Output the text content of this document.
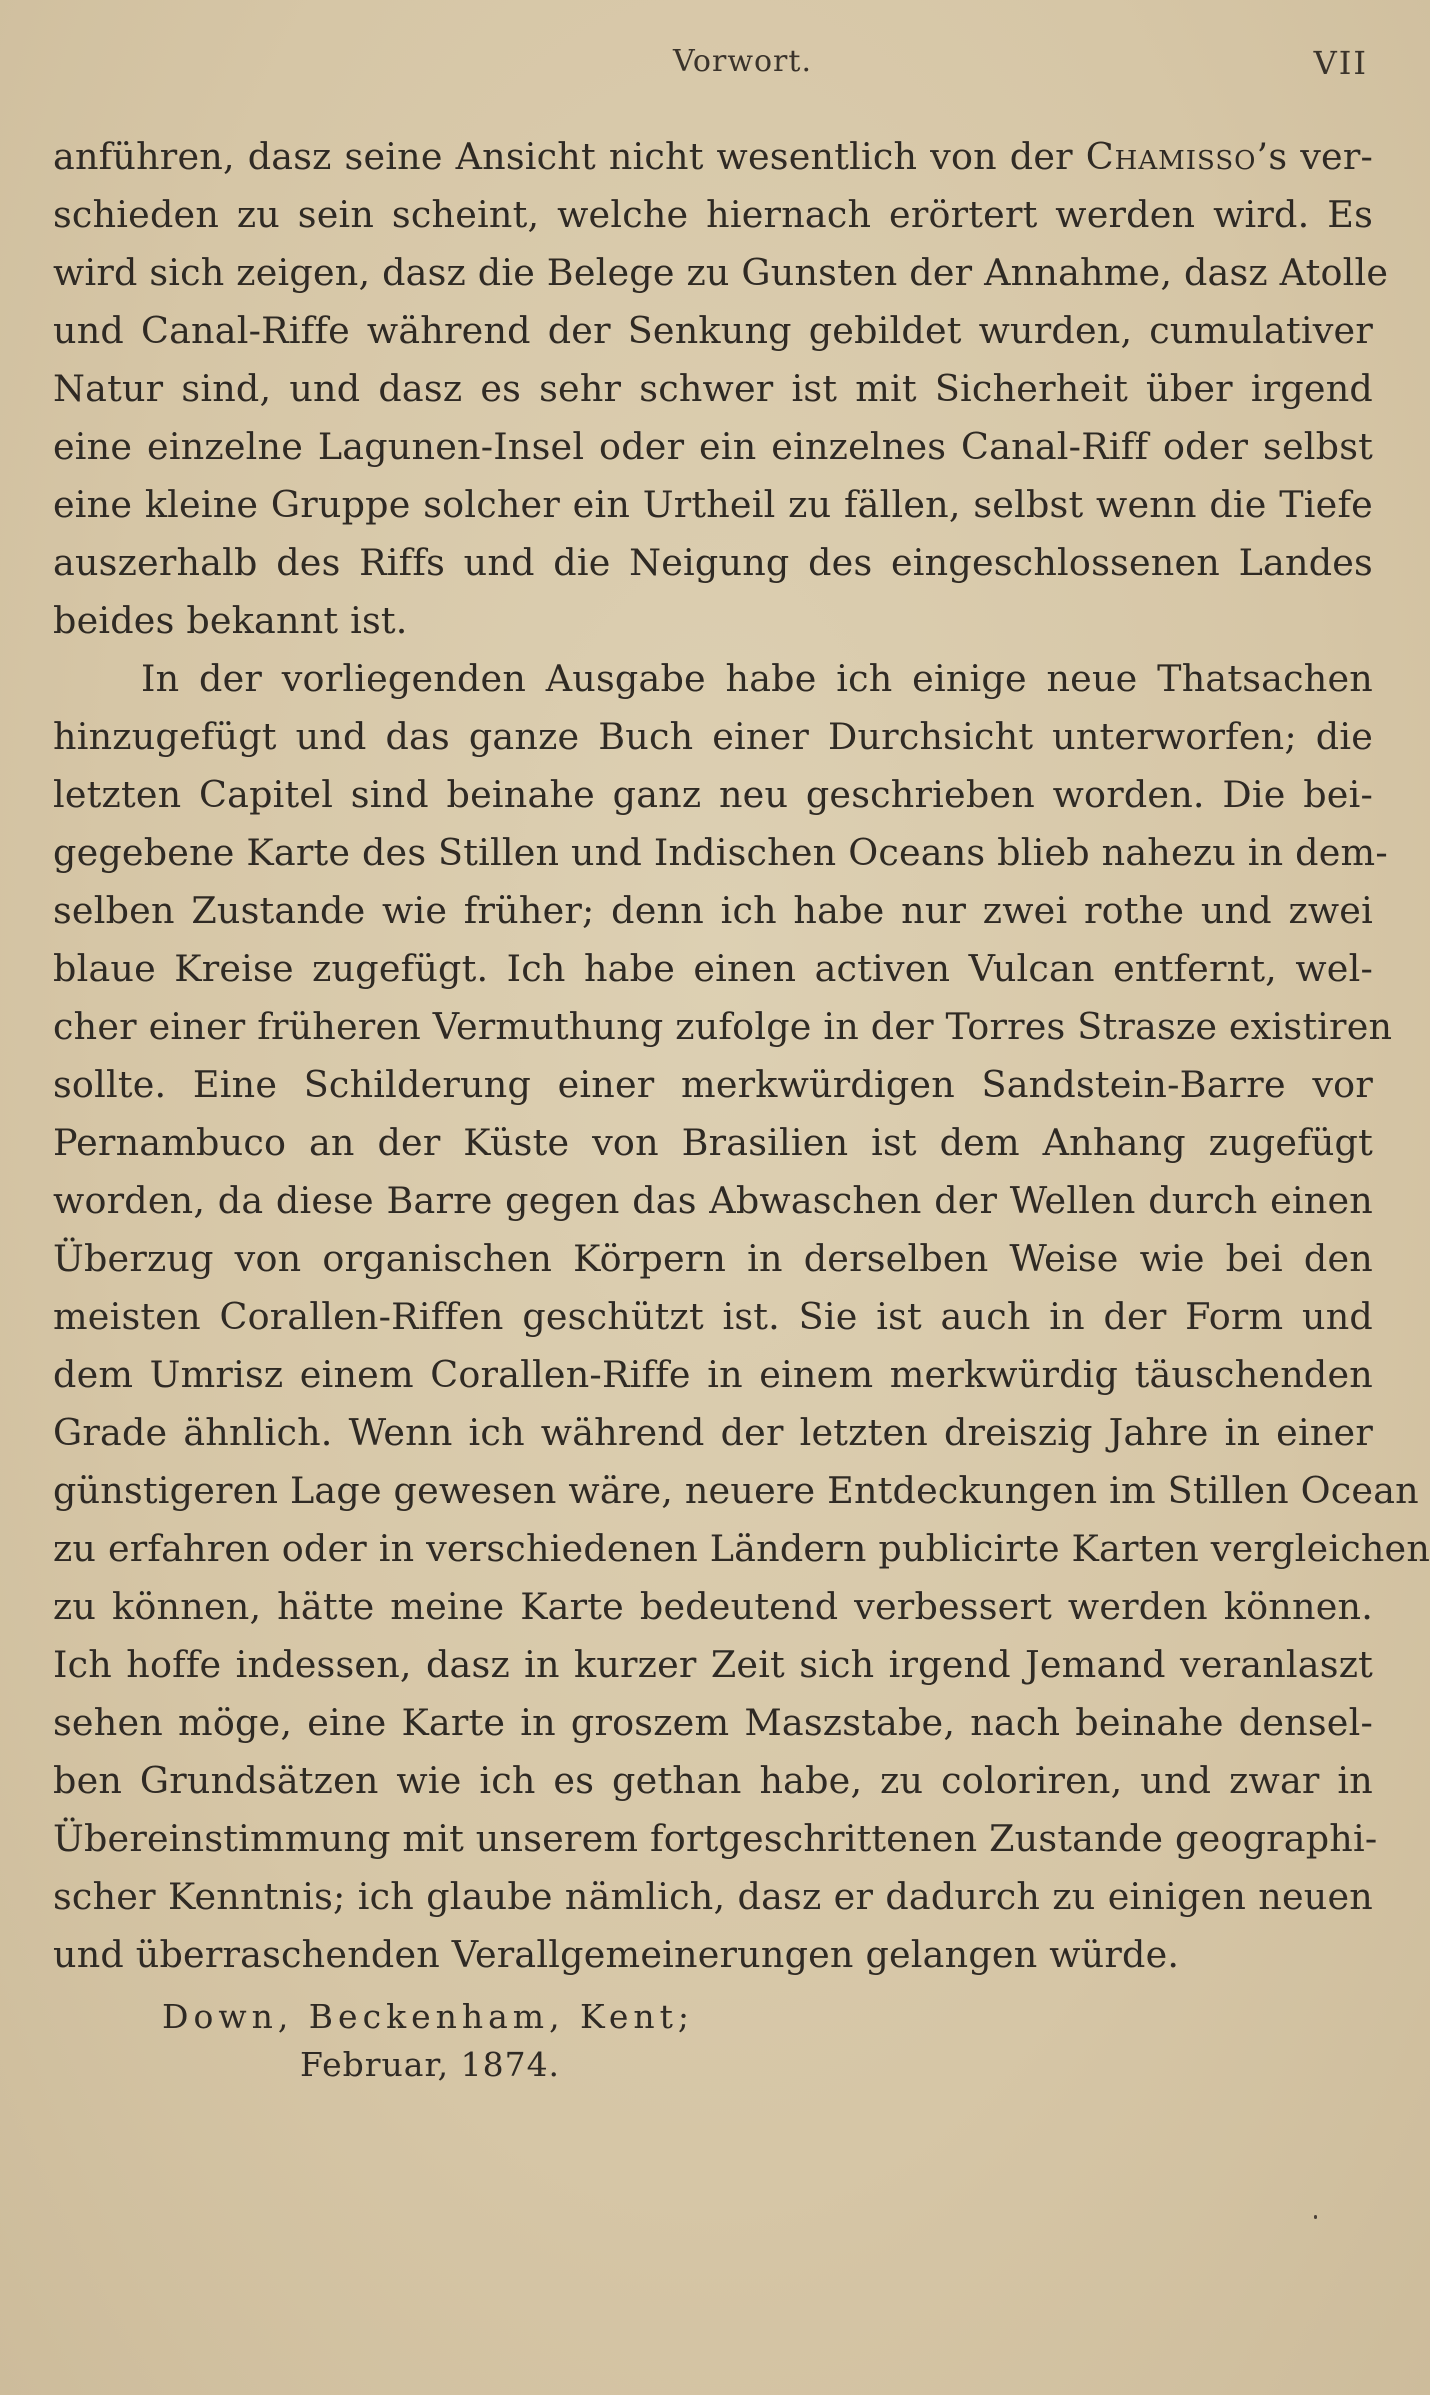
Vorwort.	VII
anführen, dasz seine Ansicht nicht wesentlich von der Chamisso’s ver-
schieden zu sein scheint, welche hiernach erörtert werden wird. Es
wird sich zeigen, dasz die Belege zu Gunsten der Annahme, dasz Atolle
und Canal-Riffe während der Senkung gebildet wurden, cumulativer
Natur sind, und dasz es sehr schwer ist mit Sicherheit über irgend
eine einzelne Lagunen-Insel oder ein einzelnes Canal-Riff oder selbst
eine kleine Gruppe solcher ein Urtheil zu fällen, selbst wenn die Tiefe
auszerhalb des Riffs und die Neigung des eingeschlossenen Landes
beides bekannt ist.
In der vorliegenden Ausgabe habe ich einige neue Thatsachen
hinzugefügt und das ganze Buch einer Durchsicht unterworfen; die
letzten Capitel sind beinahe ganz neu geschrieben worden. Die bei-
gegebene Karte des Stillen und Indischen Oceans blieb nahezu in dem-
selben Zustande wie früher; denn ich habe nur zwei rothe und zwei
blaue Kreise zugefügt. Ich habe einen activen Vulcan entfernt, wel-
cher einer früheren Vermuthung zufolge in der Torres Strasze existiren
sollte. Eine Schilderung einer merkwürdigen Sandstein-Barre vor
Pernambuco an der Küste von Brasilien ist dem Anhang zugefügt
worden, da diese Barre gegen das Abwaschen der Wellen durch einen
Überzug von organischen Körpern in derselben Weise wie bei den
meisten Corallen-Riffen geschützt ist. Sie ist auch in der Form und
dem Umrisz einem Corallen-Riffe in einem merkwürdig täuschenden
Grade ähnlich. Wenn ich während der letzten dreiszig Jahre in einer
günstigeren Lage gewesen wäre, neuere Entdeckungen im Stillen Ocean
zu erfahren oder in verschiedenen Ländern publicirte Karten vergleichen
zu können, hätte meine Karte bedeutend verbessert werden können.
Ich hoffe indessen, dasz in kurzer Zeit sich irgend Jemand veranlaszt
sehen möge, eine Karte in groszem Maszstabe, nach beinahe densel-
ben Grundsätzen wie ich es gethan habe, zu coloriren, und zwar in
Übereinstimmung mit unserem fortgeschrittenen Zustande geographi-
scher Kenntnis; ich glaube nämlich, dasz er dadurch zu einigen neuen
und überraschenden Verallgemeinerungen gelangen würde.
Down, Beckenham, Kent;
Februar, 1874.
